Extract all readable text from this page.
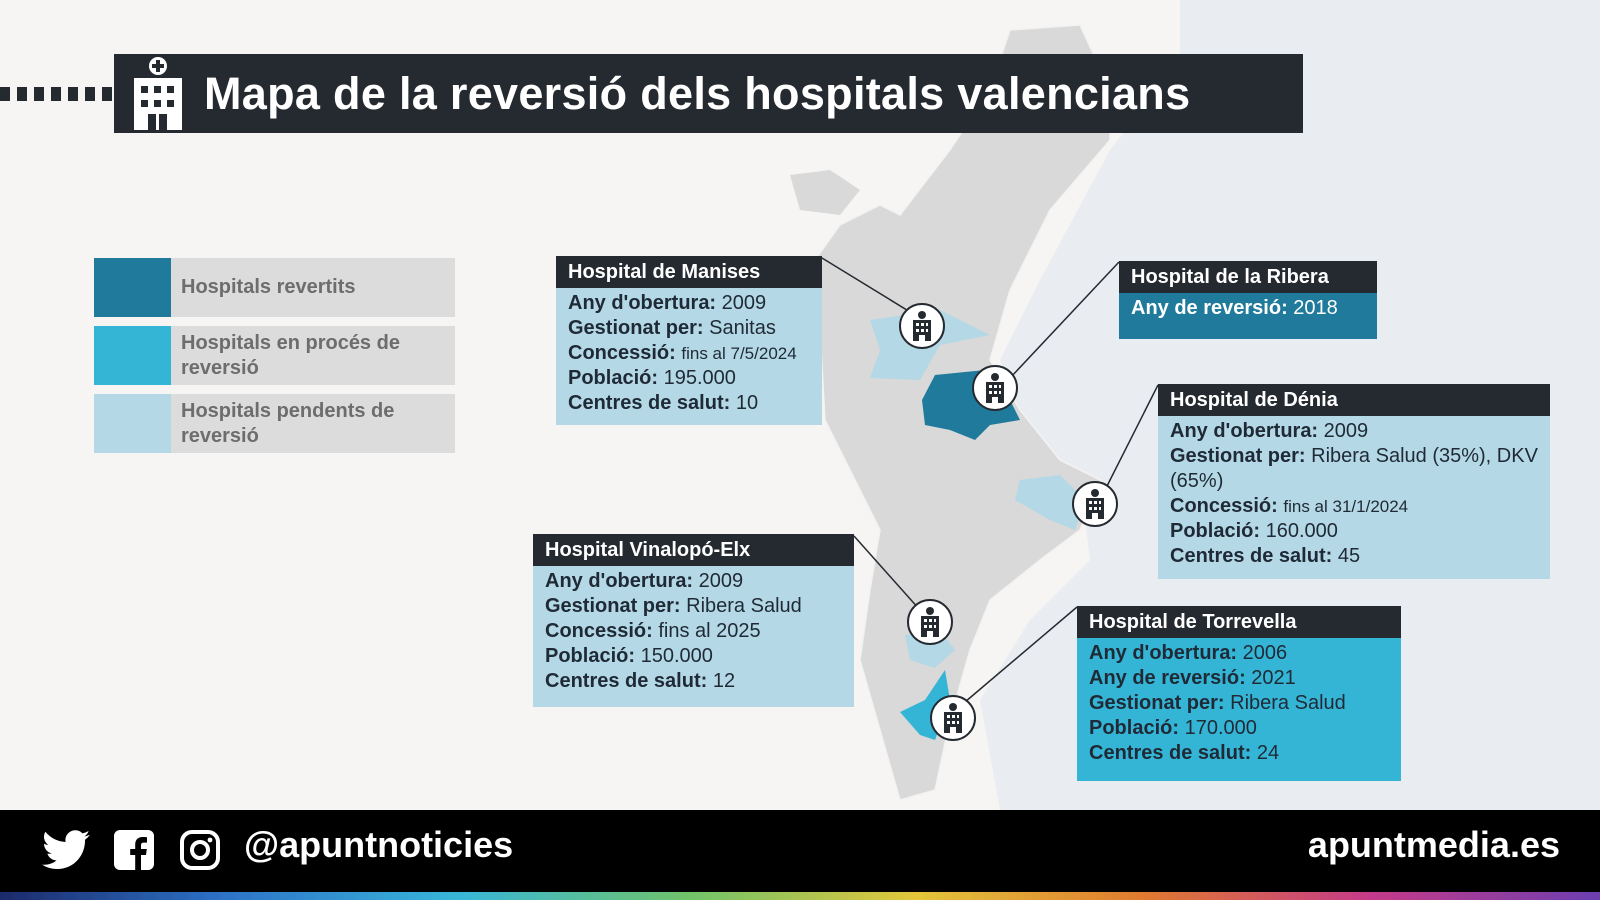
Mapa de la reversió dels hospitals valencians
Hospitals revertits
Hospitals en procés de reversió
Hospitals pendents de reversió
Hospital de Manises
Any d'obertura: 2009
Gestionat per: Sanitas
Concessió: fins al 7/5/2024
Població: 195.000
Centres de salut: 10
Hospital de la Ribera
Any de reversió: 2018
Hospital de Dénia
Any d'obertura: 2009
Gestionat per: Ribera Salud (35%), DKV (65%)
Concessió: fins al 31/1/2024
Població: 160.000
Centres de salut: 45
Hospital Vinalopó-Elx
Any d'obertura: 2009
Gestionat per: Ribera Salud
Concessió: fins al 2025
Població: 150.000
Centres de salut: 12
Hospital de Torrevella
Any d'obertura: 2006
Any de reversió: 2021
Gestionat per: Ribera Salud
Població: 170.000
Centres de salut: 24
@apuntnoticies	apuntmedia.es
